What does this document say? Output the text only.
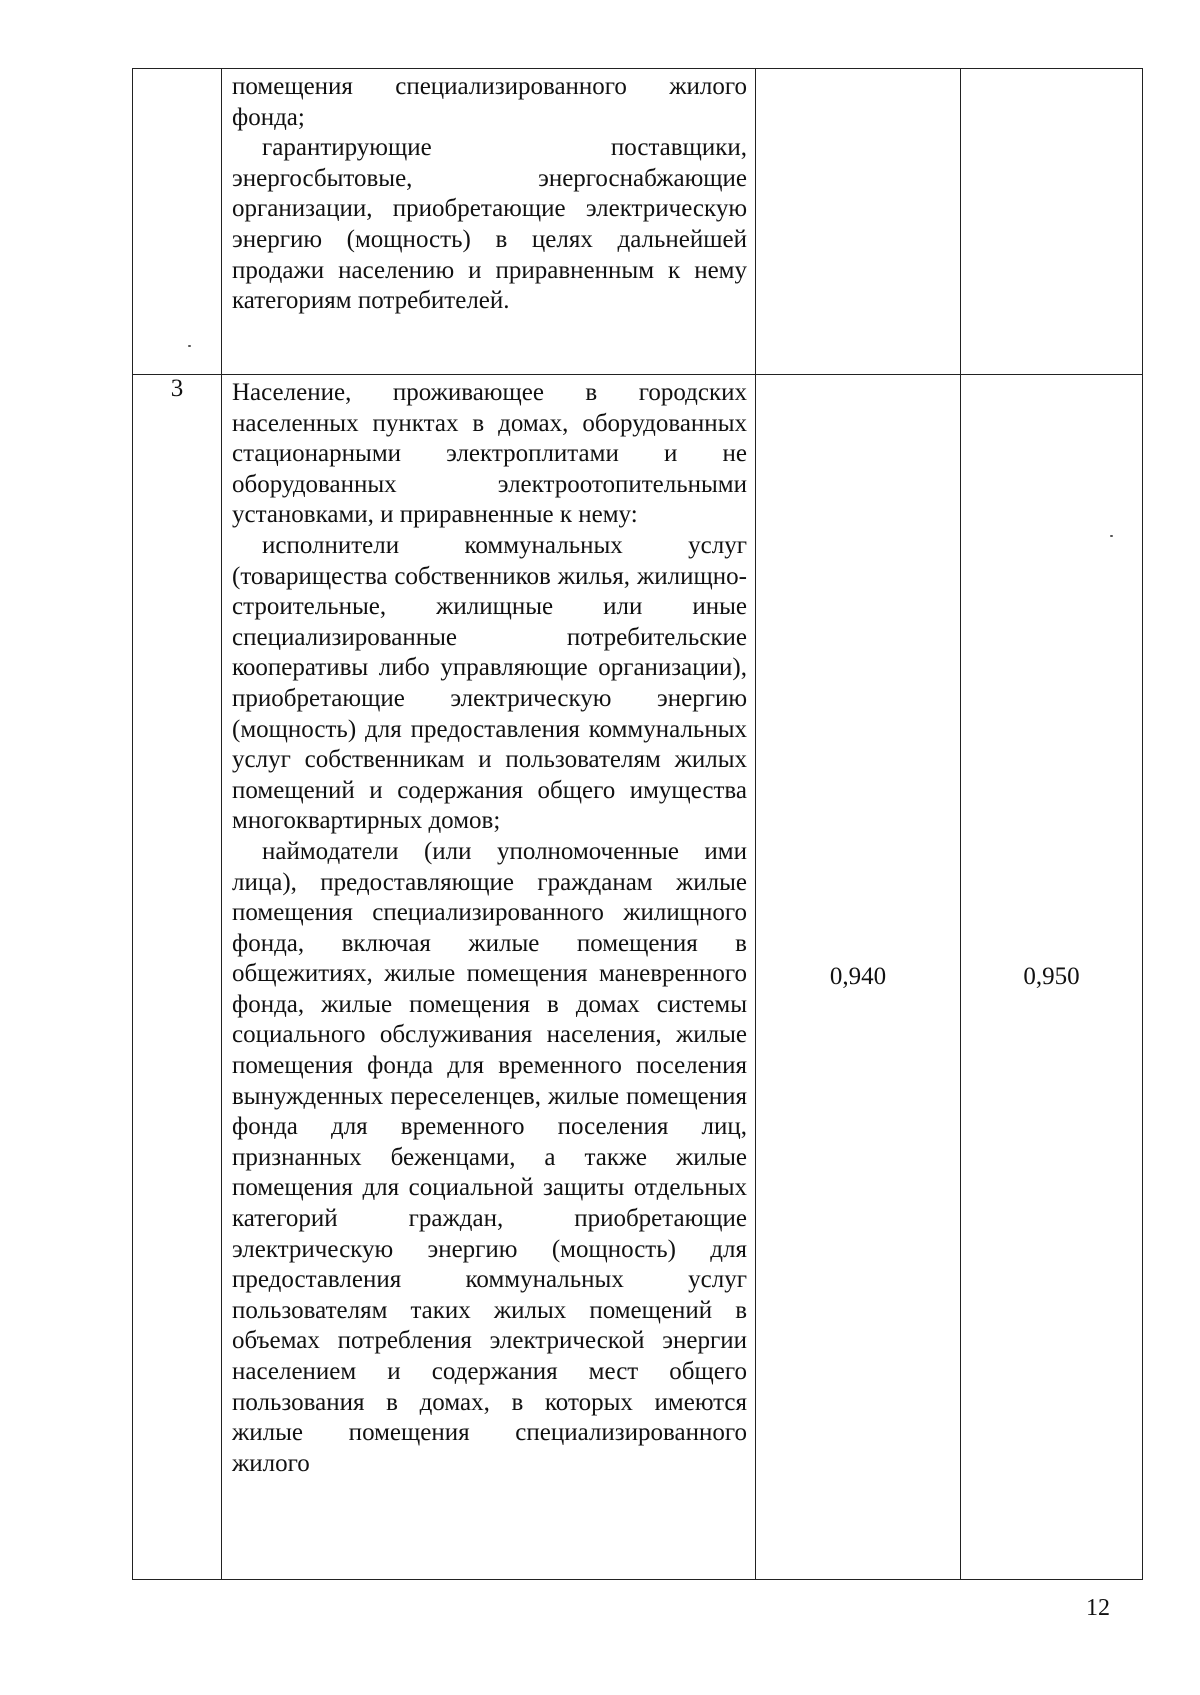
	помещения специализированного жилого фонда;

гарантирующие поставщики, энергосбытовые, энергоснабжающие организации, приобретающие электрическую энергию (мощность) в целях дальнейшей продажи населению и приравненным к нему категориям потребителей.		

3	Население, проживающее в городских населенных пунктах в домах, оборудованных стационарными электроплитами и не оборудованных электроотопительными установками, и приравненные к нему:

исполнители коммунальных услуг (товарищества собственников жилья, жилищно-строительные, жилищные или иные специализированные потребительские кооперативы либо управляющие организации), приобретающие электрическую энергию (мощность) для предоставления коммунальных услуг собственникам и пользователям жилых помещений и содержания общего имущества многоквартирных домов;

наймодатели (или уполномоченные ими лица), предоставляющие гражданам жилые помещения специализированного жилищного фонда, включая жилые помещения в общежитиях, жилые помещения маневренного фонда, жилые помещения в домах системы социального обслуживания населения, жилые помещения фонда для временного поселения вынужденных переселенцев, жилые помещения фонда для временного поселения лиц, признанных беженцами, а также жилые помещения для социальной защиты отдельных категорий граждан, приобретающие электрическую энергию (мощность) для предоставления коммунальных услуг пользователям таких жилых помещений в объемах потребления электрической энергии населением и содержания мест общего пользования в домах, в которых имеются жилые помещения специализированного жилого	0,940	0,950
12
